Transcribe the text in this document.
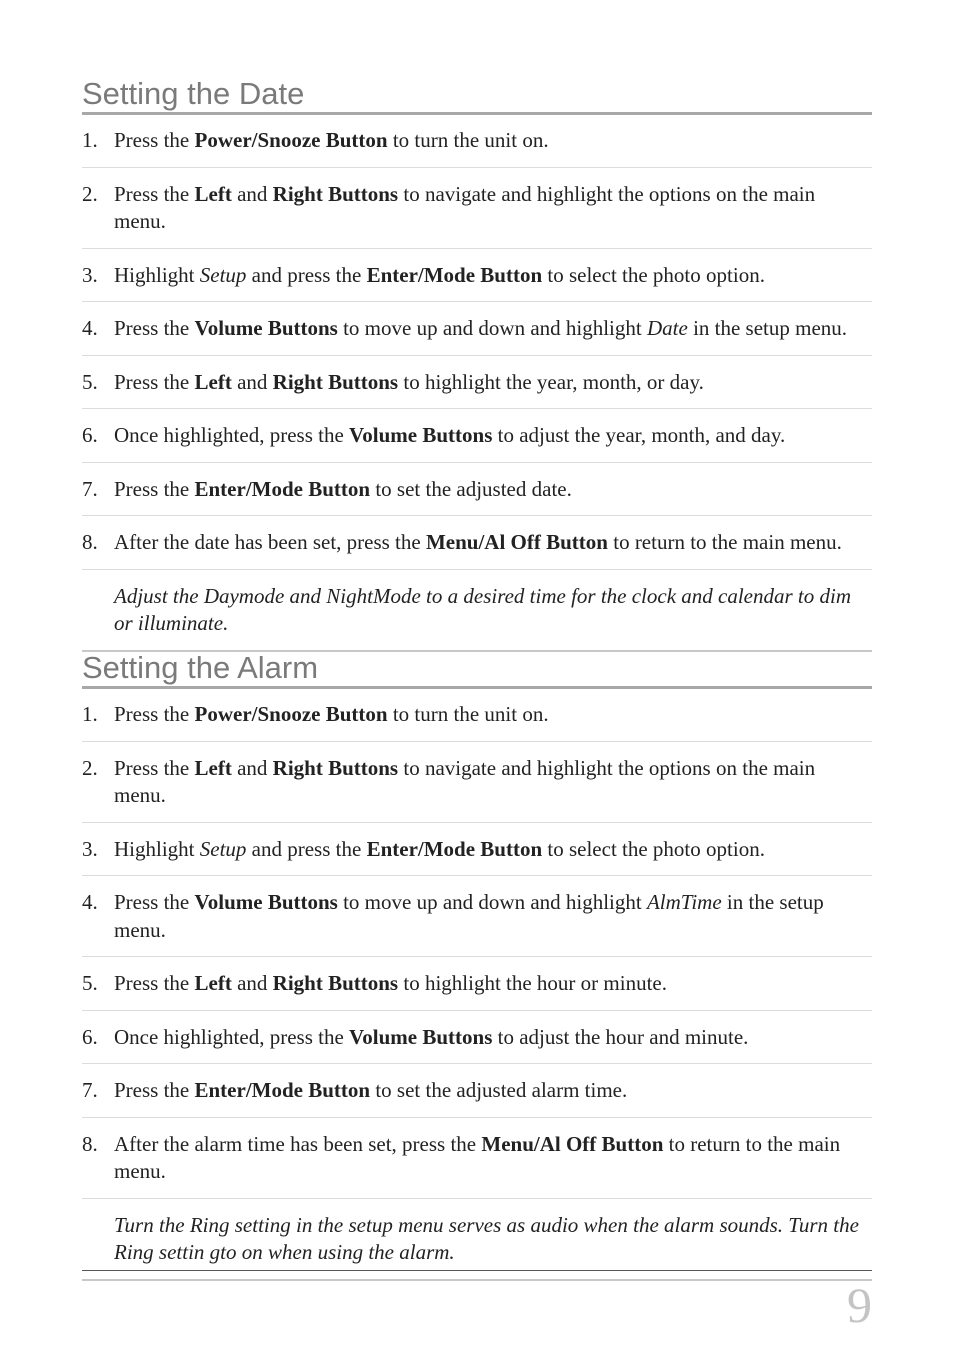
Setting the Date
1. Press the Power/Snooze Button to turn the unit on.
2. Press the Left and Right Buttons to navigate and highlight the options on the main menu.
3. Highlight Setup and press the Enter/Mode Button to select the photo option.
4. Press the Volume Buttons to move up and down and highlight Date in the setup menu.
5. Press the Left and Right Buttons to highlight the year, month, or day.
6. Once highlighted, press the Volume Buttons to adjust the year, month, and day.
7. Press the Enter/Mode Button to set the adjusted date.
8. After the date has been set, press the Menu/Al Off Button to return to the main menu.
Adjust the Daymode and NightMode to a desired time for the clock and calendar to dim or illuminate.
Setting the Alarm
1. Press the Power/Snooze Button to turn the unit on.
2. Press the Left and Right Buttons to navigate and highlight the options on the main menu.
3. Highlight Setup and press the Enter/Mode Button to select the photo option.
4. Press the Volume Buttons to move up and down and highlight AlmTime in the setup menu.
5. Press the Left and Right Buttons to highlight the hour or minute.
6. Once highlighted, press the Volume Buttons to adjust the hour and minute.
7. Press the Enter/Mode Button to set the adjusted alarm time.
8. After the alarm time has been set, press the Menu/Al Off Button to return to the main menu.
Turn the Ring setting in the setup menu serves as audio when the alarm sounds. Turn the Ring settin gto on when using the alarm.
9
